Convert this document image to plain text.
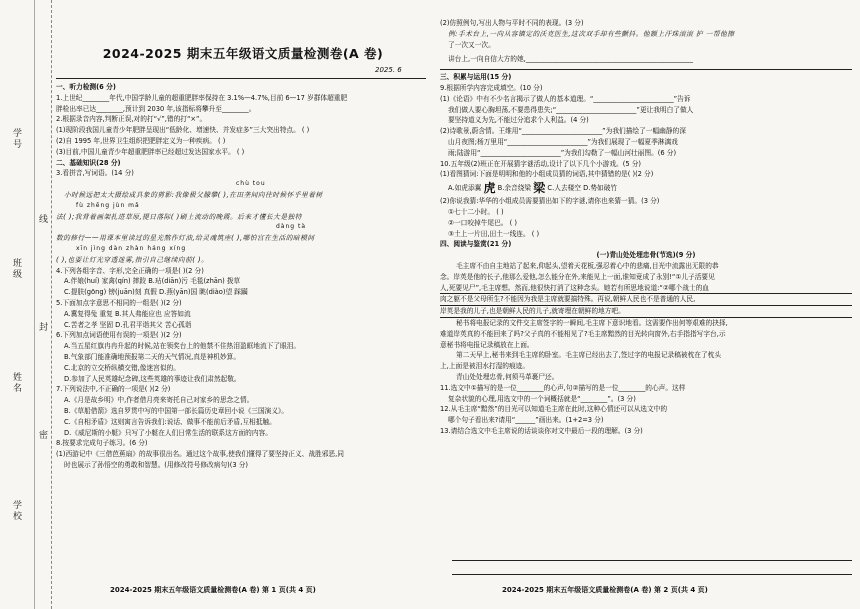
学号
线
班级
封
姓名
密
学校
2024-2025 期末五年级语文质量检测卷(A 卷)
2025. 6
一、听力检测(6 分)
1.上世纪________年代,中国学龄儿童的超重肥胖率保持在 3.1%—4.7%,目前 6—17 岁群体超重肥
胖检出率已达________,预计到 2030 年,该指标将攀升至________。
2.根据录音内容,判断正误,对的打“√”,错的打“×”。
(1)现阶段我国儿童青少年肥胖呈现出“低龄化、增速快、并发症多”三大突出特点。 ( )
(2)自 1995 年,世界卫生组织把肥胖定义为一种疾病。 ( )
(3)目前,中国儿童青少年超重肥胖率已经超过发达国家水平。 ( )
二、基础知识(28 分)
3.看拼音,写词语。(14 分)
chù tou
小时候远把太大摄绘成具象的剪影:我像极父朦攀( ),在田垄间向往时候怀乎里着树
fù zhēng jùn mǎ
法( );我背着画架扎进草原,提日落际( )刷上流动的晚霞。后来才懂长大是独特
dàng tà
数的修行——用课本里读过的星光熬作灯油,给灵魂筑座( ),哪怕宫在生活的暗模间
xīn jìng dàn zhàn háng xíng
( ),也要让灯光穿透迷雾,指引自己继续向前( )。
4.下列各组字音、字形,完全正确的一项是( )(2 分)
A.伴娘(huí) 家禽(qín) 摔跤 B.玷(diān)污 毛毯(zhān) 拨草
C.提肤(gōng) 镑(juān)刻 真假 D.燕(yān)国 眺(diào)望 踩躏
5.下面加点字意思不相同的一组是( )(2 分)
A.冀复得兔 重复 B.其人弗能应也 应答如流
C.苦者之孝 坚固 D.孔君平诣其父 苦心孤诣
6.下列加点词语使用有误的一项是( )(2 分)
A.当五星红旗冉冉升起的时候,站在领奖台上的他禁不住热泪盈眶地流下了眼泪。
B.气象部门能准确地预报第二天的天气情况,真是神机妙算。
C.北京的立交桥纵横交错,像迷宫似的。
D.参加了人民英雄纪念碑,这些英雄的事迹让我们肃然起敬。
7.下列说法中,不正确的一项是( )(2 分)
A.《月是故乡明》中,作者借月亮来寄托自己对家乡的思念之情。
B.《草船借箭》选自罗贯中写的中国第一部长篇历史章回小说《三国演义》。
C.《自相矛盾》这则寓言告诉我们:说话、做事不能前后矛盾,互相抵触。
D.《威尼斯的小艇》只写了小艇在人们日常生活的联系这方面的内容。
8.按要求完成句子练习。(6 分)
(1)西游记中《三借芭蕉扇》的故事很出名。通过这个故事,使我们懂得了要坚持正义、战胜邪恶,同
时也展示了孙悟空的勇敢和智慧。(用修改符号修改病句)(3 分)
2024-2025 期末五年级语文质量检测卷(A 卷) 第 1 页(共 4 页)
(2)仿照例句,写出人物与平时不同的表现。(3 分)
例:手术台上,一向从容镇定的沃克医生,这次双手却有些颤抖。他额上汗珠滚滚 护 一帮他擦
了一次又一次。
讲台上,一向自信大方的她,__________________________________________________
三、积累与运用(15 分)
9.根据所学内容完成填空。(10 分)
(1)《论语》中有不少名言揭示了做人的基本道理。“________________________”告诉
我们做人要心胸坦荡,不要患得患失;“________________________”更让我明白了做人
要坚持道义为先,不能过分追求个人利益。(4 分)
(2)诗歌景,蔚含情。王维用“________________________”为我们描绘了一幅幽静的深
山月夜图;杨万里用“________________________”为我们展现了一幅夏季淋漓戏
雨;陆游用“________________________”为我们勾勒了一幅山河壮丽图。(6 分)
10.五年级(2)班正在开展猜字谜活动,设计了以下几个小游戏。(5 分)
(1)看图猜词:下面是明明和他的小组成员猜的词语,其中猜错的是( )(2 分)
A.如虎添翼 虎 B.余音绕梁 梁 C.人去楼空 D.势如破竹
(2)你说我猜:华华的小组成员需要猜出如下的字谜,请你也来猜一猜。(3 分)
①七十二小时。 ( )
②一口咬掉牛尾巴。 ( )
③土上一片田,田土一线连。 ( )
四、阅读与鉴赏(21 分)
(一)青山处处埋忠骨(节选)(9 分)
毛主席不由自主地站了起来,仰起头,望着天花板,强忍着心中的悲痛,目光中流露出无限的恭
念。岸英是他的长子,他那么爱他,怎么能分在外,来能见上一面,谁知竟成了永别!“①儿子活要见
人,死要见尸”,毛主席想。然而,他很快打消了这种念头。她若有所思地说道:“②哪个战士的血
肉之躯不是父母所生?不能因为我是主席就要搞特殊。再说,朝鲜人民也不是普通的人民,
岸英是我的儿子,也是朝鲜人民的儿子,就寄埋在朝鲜的地方吧。
秘书将电报记录的文件交主席签字的一瞬间,毛主席下意识地看。这需要作出何等艰难的抉择,
难道岸英真的不能回来了吗?父子真的不能相见了?毛主席黯然的目光转向窗外,右手指指写字台,示
意秘书将电报记录稿放在上面。
第二天早上,秘书来到毛主席的卧室。毛主席已经出去了,签过字的电报记录稿被枕在了枕头
上,上面是被泪水打湿的痕迹。
青山处处埋忠骨,何须马革裹尸还。
11.选文中①描写的是一位________的心声,句②描写的是一位________的心声。这样
复杂状貌的心理,用选文中的一个词概括就是“________”。(3 分)
12.从毛主席“黯然”的目光可以知道毛主席在此时,这种心情还可以从选文中的
哪个句子看出来?请用“______”画出来。(1+2=3 分)
13.请结合选文中毛主席说的话谈谈你对文中最后一段的理解。(3 分)
2024-2025 期末五年级语文质量检测卷(A 卷) 第 2 页(共 4 页)
